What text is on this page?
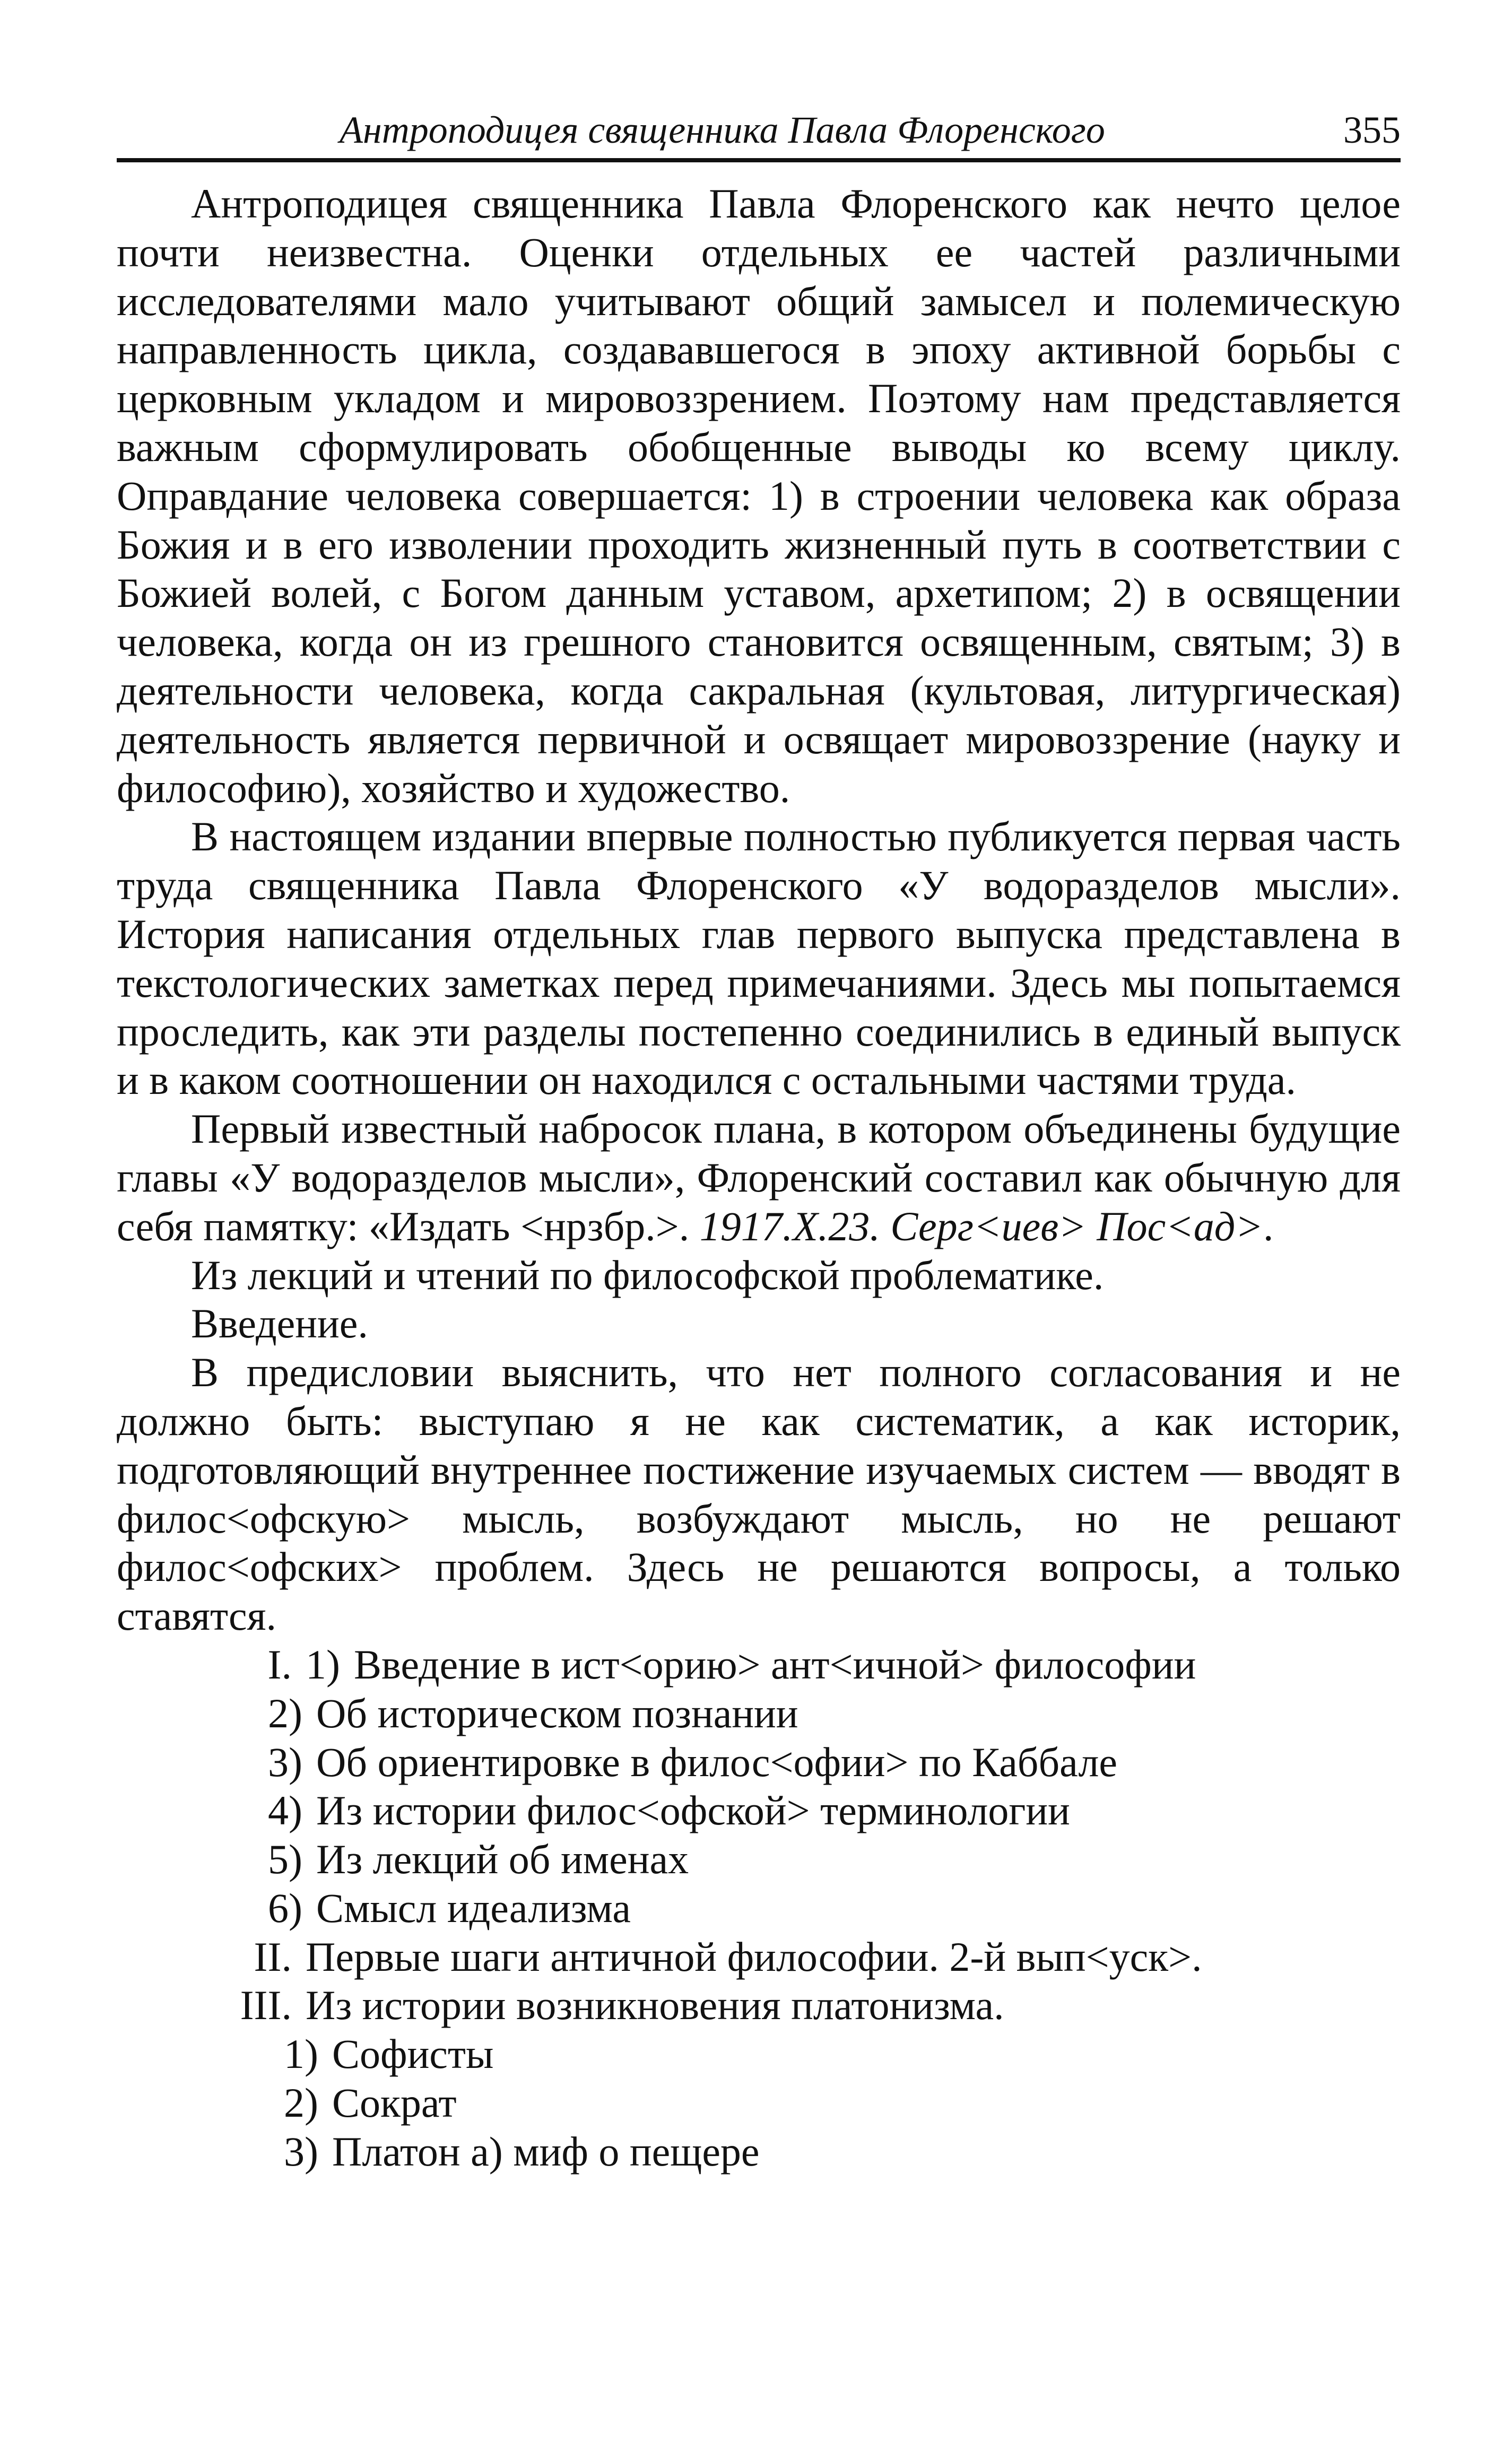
Антроподицея священника Павла Флоренского	355

Антроподицея священника Павла Флоренского как нечто целое почти неизвестна. Оценки отдельных ее частей различными исследователями мало учитывают общий замысел и полемическую направленность цикла, создававшегося в эпоху активной борьбы с церковным укладом и мировоззрением. Поэтому нам представляется важным сформулировать обобщенные выводы ко всему циклу. Оправдание человека совершается: 1) в строении человека как образа Божия и в его изволении проходить жизненный путь в соответствии с Божией волей, с Богом данным уставом, архетипом; 2) в освящении человека, когда он из грешного становится освященным, святым; 3) в деятельности человека, когда сакральная (культовая, литургическая) деятельность является первичной и освящает мировоззрение (науку и философию), хозяйство и художество.

В настоящем издании впервые полностью публикуется первая часть труда священника Павла Флоренского «У водоразделов мысли». История написания отдельных глав первого выпуска представлена в текстологических заметках перед примечаниями. Здесь мы попытаемся проследить, как эти разделы постепенно соединились в единый выпуск и в каком соотношении он находился с остальными частями труда.

Первый известный набросок плана, в котором объединены будущие главы «У водоразделов мысли», Флоренский составил как обычную для себя памятку: «Издать <нрзбр.>. 1917.X.23. Серг<иев> Пос<ад>.

Из лекций и чтений по философской проблематике.

Введение.

В предисловии выяснить, что нет полного согласования и не должно быть: выступаю я не как систематик, а как историк, подготовляющий внутреннее постижение изучаемых систем — вводят в филос<офскую> мысль, возбуждают мысль, но не решают филос<офских> проблем. Здесь не решаются вопросы, а только ставятся.

I. 1) Введение в ист<орию> ант<ичной> философии

2) Об историческом познании

3) Об ориентировке в филос<офии> по Каббале

4) Из истории филос<офской> терминологии

5) Из лекций об именах

6) Смысл идеализма

II. Первые шаги античной философии. 2-й вып<уск>.

III. Из истории возникновения платонизма.

1) Софисты

2) Сократ

3) Платон а) миф о пещере
